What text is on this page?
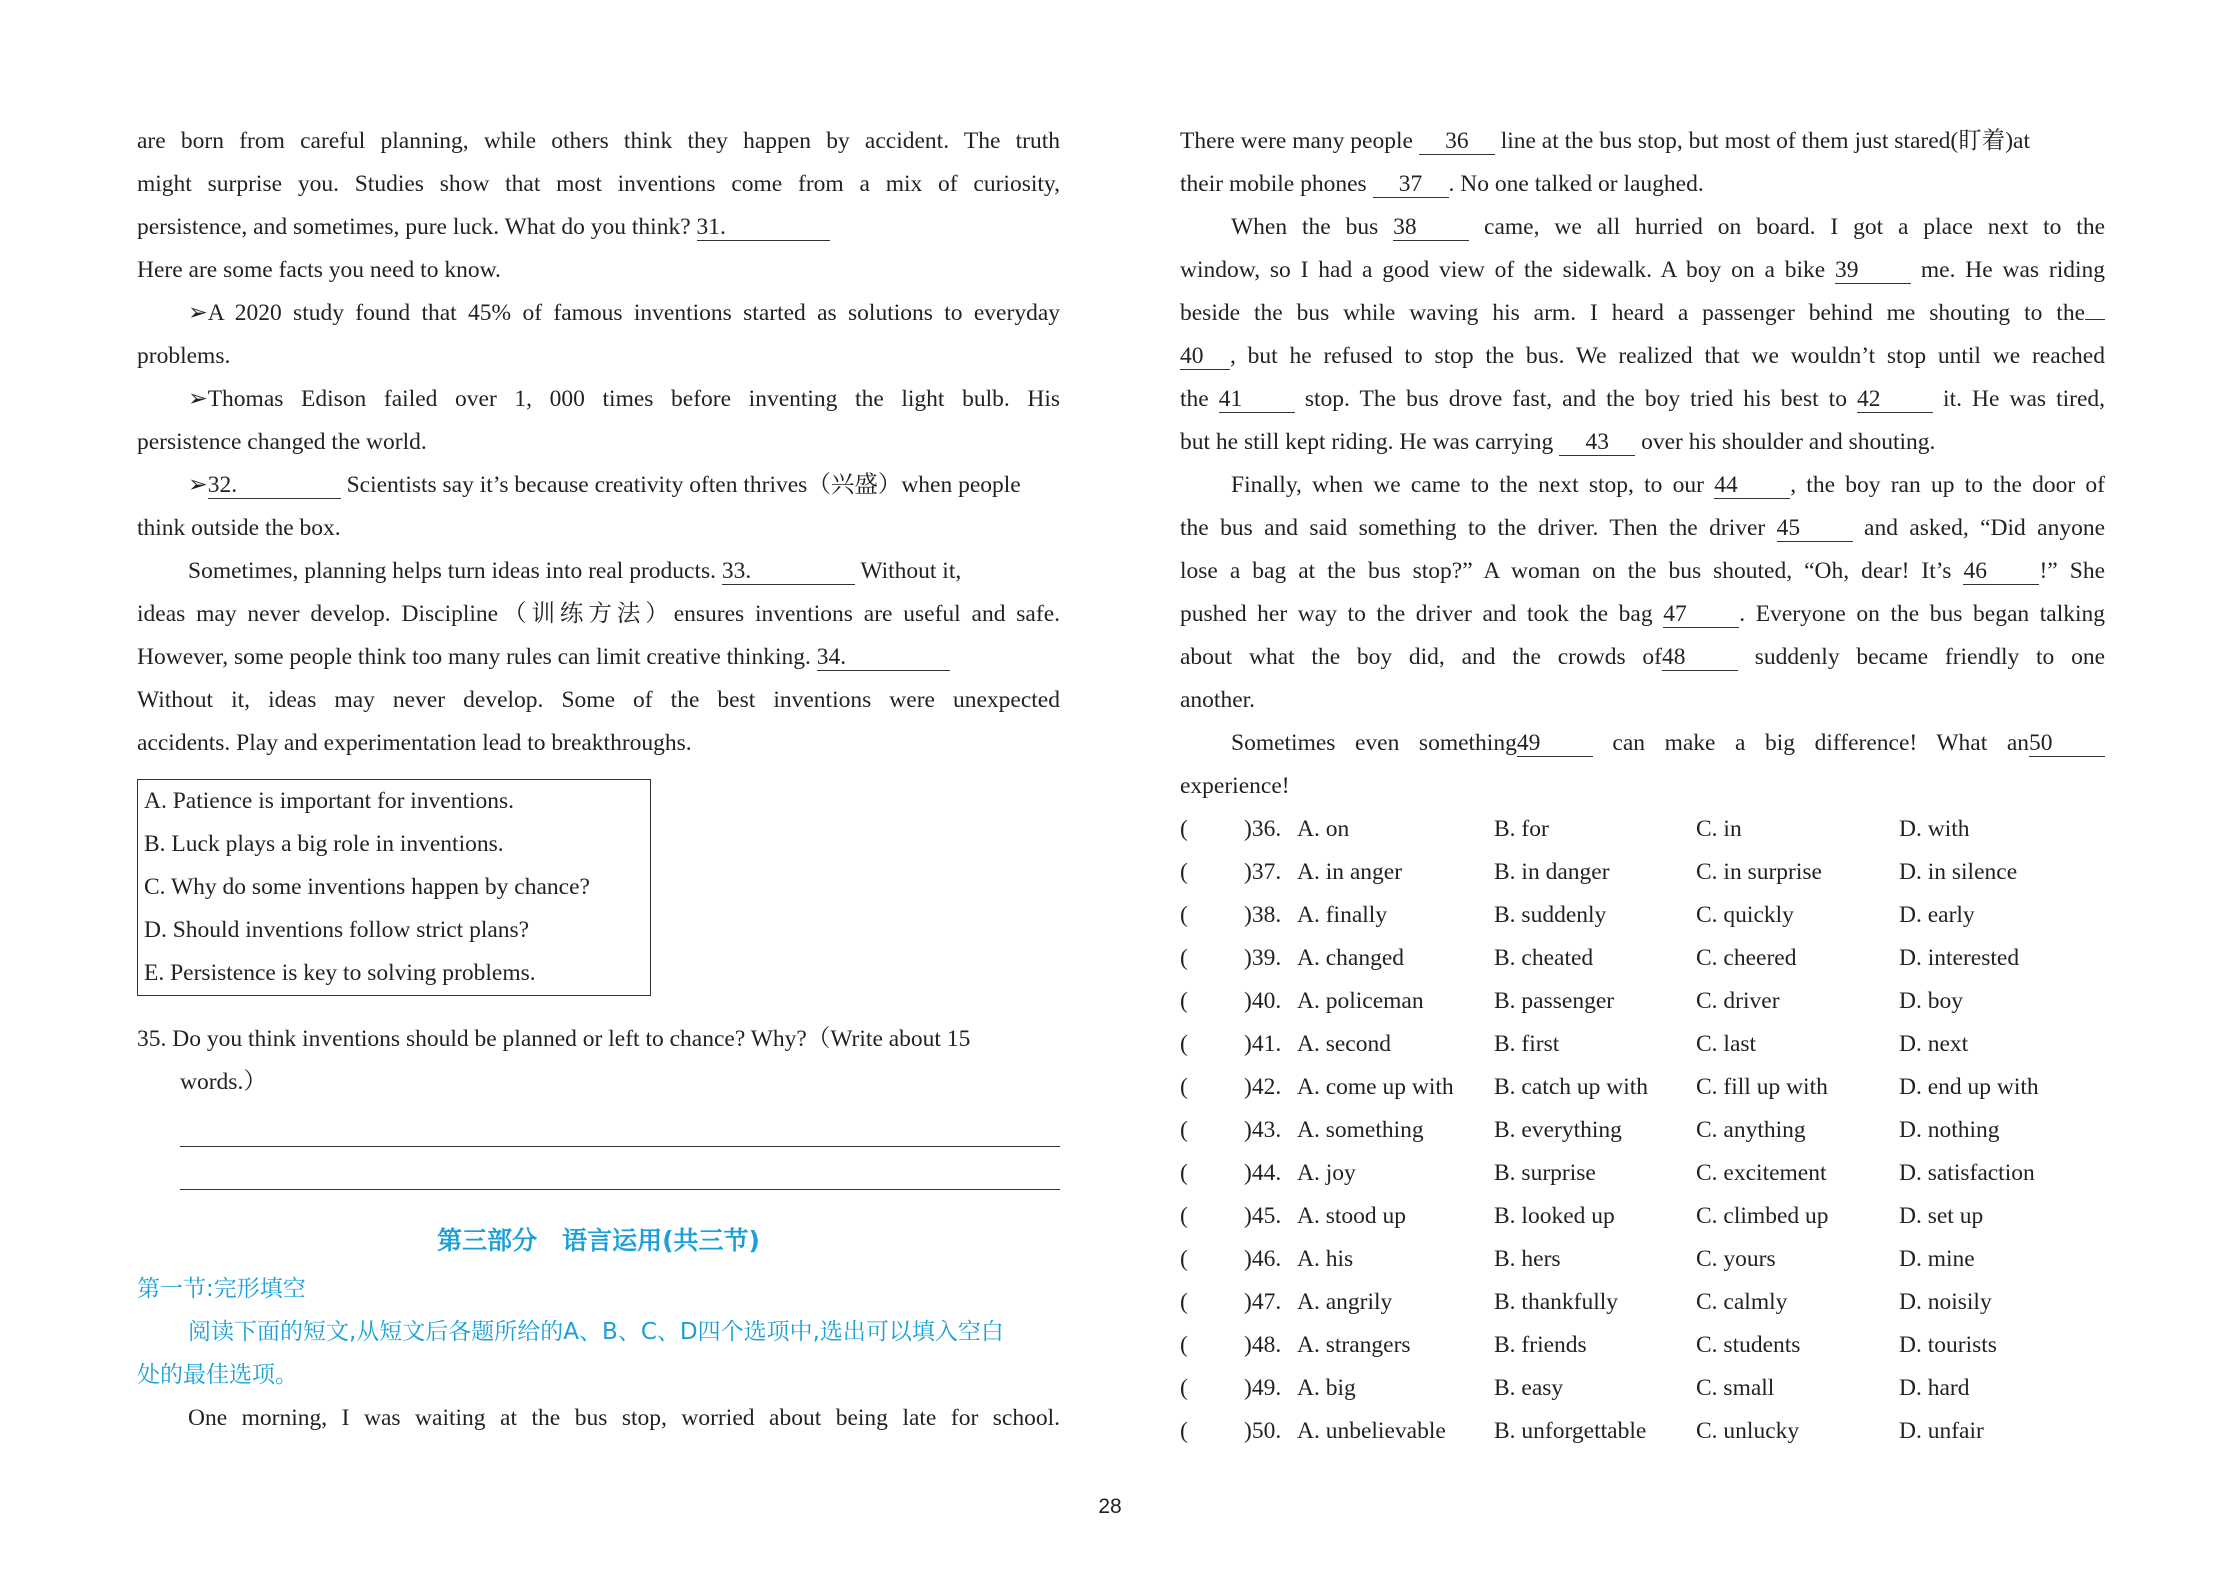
are born from careful planning, while others think they happen by accident. The truth
might surprise you. Studies show that most inventions come from a mix of curiosity,
persistence, and sometimes, pure luck. What do you think? 31.
Here are some facts you need to know.
➢A 2020 study found that 45% of famous inventions started as solutions to everyday
problems.
➢Thomas Edison failed over 1, 000 times before inventing the light bulb. His
persistence changed the world.
➢32.	Scientists say it’s because creativity often thrives（兴盛）when people
think outside the box.
Sometimes, planning helps turn ideas into real products. 33.	Without it,
ideas may never develop. Discipline（训练方法）ensures inventions are useful and safe.
However, some people think too many rules can limit creative thinking. 34.
Without it, ideas may never develop. Some of the best inventions were unexpected
accidents. Play and experimentation lead to breakthroughs.
A. Patience is important for inventions.
B. Luck plays a big role in inventions.
C. Why do some inventions happen by chance?
D. Should inventions follow strict plans?
E. Persistence is key to solving problems.
35. Do you think inventions should be planned or left to chance? Why?（Write about 15
words.）
第三部分　语言运用(共三节)
第一节:完形填空
阅读下面的短文,从短文后各题所给的A、B、C、D四个选项中,选出可以填入空白
处的最佳选项。
One morning, I was waiting at the bus stop, worried about being late for school.
There were many people 36 line at the bus stop, but most of them just stared(盯着)at
their mobile phones 37 . No one talked or laughed.
When the bus 38	came, we all hurried on board. I got a place next to the
window, so I had a good view of the sidewalk. A boy on a bike 39	me. He was riding
beside the bus while waving his arm. I heard a passenger behind me shouting to the
40 , but he refused to stop the bus. We realized that we wouldn’t stop until we reached
the 41	stop. The bus drove fast, and the boy tried his best to 42	it. He was tired,
but he still kept riding. He was carrying 43 over his shoulder and shouting.
Finally, when we came to the next stop, to our 44 , the boy ran up to the door of
the bus and said something to the driver. Then the driver 45	and asked, “Did anyone
lose a bag at the bus stop?” A woman on the bus shouted, “Oh, dear! It’s 46 !” She
pushed her way to the driver and took the bag 47 . Everyone on the bus began talking
about what the boy did, and the crowds of48	suddenly became friendly to one
another.
Sometimes even something49	can make a big difference! What an50
experience!
( )36. A. on	B. for	C. in	D. with
( )37. A. in anger	B. in danger	C. in surprise	D. in silence
( )38. A. finally	B. suddenly	C. quickly	D. early
( )39. A. changed	B. cheated	C. cheered	D. interested
( )40. A. policeman	B. passenger	C. driver	D. boy
( )41. A. second	B. first	C. last	D. next
( )42. A. come up with B. catch up with C. fill up with	D. end up with
( )43. A. something	B. everything	C. anything	D. nothing
( )44. A. joy	B. surprise	C. excitement	D. satisfaction
( )45. A. stood up	B. looked up	C. climbed up	D. set up
( )46. A. his	B. hers	C. yours	D. mine
( )47. A. angrily	B. thankfully	C. calmly	D. noisily
( )48. A. strangers	B. friends	C. students	D. tourists
( )49. A. big	B. easy	C. small	D. hard
( )50. A. unbelievable B. unforgettable C. unlucky	D. unfair
28
